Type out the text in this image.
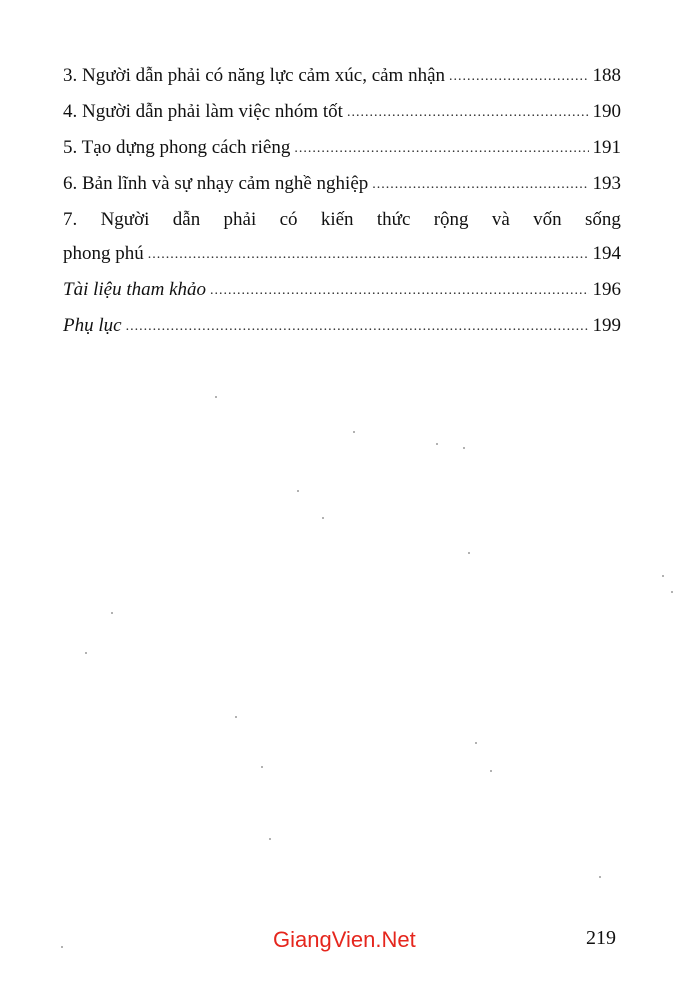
3. Người dẫn phải có năng lực cảm xúc, cảm nhận .....	188
4. Người dẫn phải làm việc nhóm tốt .....	190
5. Tạo dựng phong cách riêng .....	191
6. Bản lĩnh và sự nhạy cảm nghề nghiệp .....	193
7. Người dẫn phải có kiến thức rộng và vốn sống
phong phú .....	194
Tài liệu tham khảo .....	196
Phụ lục .....	199
GiangVien.Net	219
